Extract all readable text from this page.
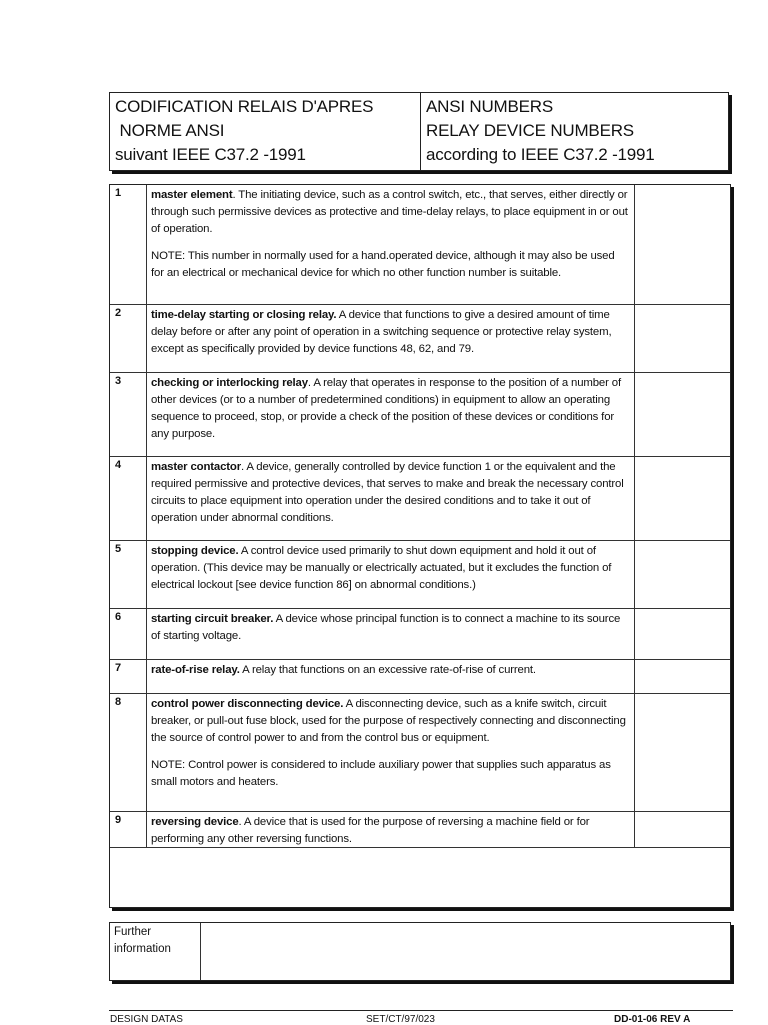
CODIFICATION RELAIS D'APRES
NORME ANSI
suivant IEEE C37.2 -1991
ANSI NUMBERS
RELAY DEVICE NUMBERS
according to IEEE C37.2 -1991
1	master element. The initiating device, such as a control switch, etc., that serves, either directly or through such permissive devices as protective and time-delay relays, to place equipment in or out of operation.
NOTE: This number in normally used for a hand.operated device, although it may also be used for an electrical or mechanical device for which no other function number is suitable.
2	time-delay starting or closing relay. A device that functions to give a desired amount of time delay before or after any point of operation in a switching sequence or protective relay system, except as specifically provided by device functions 48, 62, and 79.
3	checking or interlocking relay. A relay that operates in response to the position of a number of other devices (or to a number of predetermined conditions) in equipment to allow an operating sequence to proceed, stop, or provide a check of the position of these devices or conditions for any purpose.
4	master contactor. A device, generally controlled by device function 1 or the equivalent and the required permissive and protective devices, that serves to make and break the necessary control circuits to place equipment into operation under the desired conditions and to take it out of operation under abnormal conditions.
5	stopping device. A control device used primarily to shut down equipment and hold it out of operation. (This device may be manually or electrically actuated, but it excludes the function of electrical lockout [see device function 86] on abnormal conditions.)
6	starting circuit breaker. A device whose principal function is to connect a machine to its source of starting voltage.
7	rate-of-rise relay. A relay that functions on an excessive rate-of-rise of current.
8	control power disconnecting device. A disconnecting device, such as a knife switch, circuit breaker, or pull-out fuse block, used for the purpose of respectively connecting and disconnecting the source of control power to and from the control bus or equipment.
NOTE: Control power is considered to include auxiliary power that supplies such apparatus as small motors and heaters.
9	reversing device. A device that is used for the purpose of reversing a machine field or for performing any other reversing functions.
Further information
DESIGN DATAS	SET/CT/97/023	DD-01-06 REV A
